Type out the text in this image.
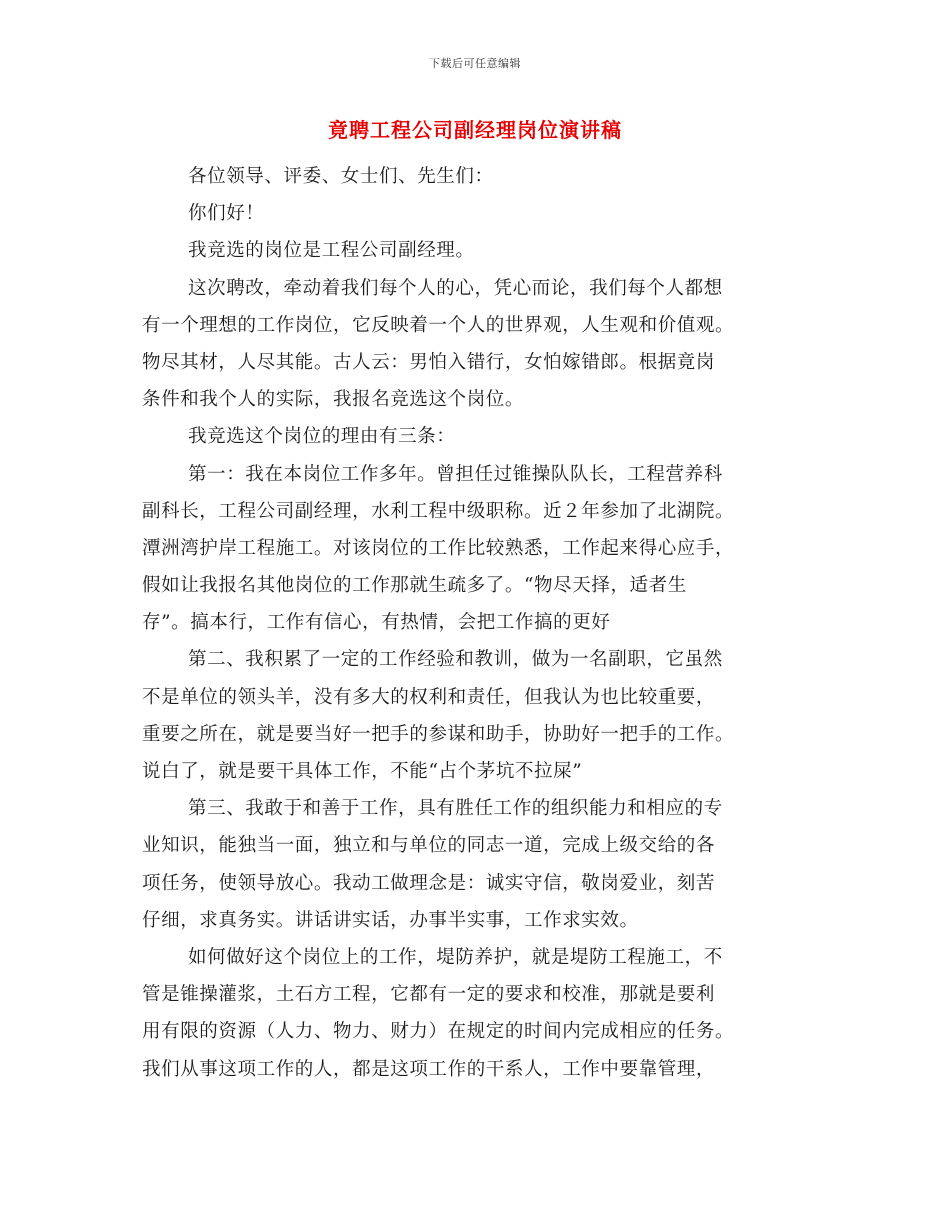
下载后可任意编辑
竟聘工程公司副经理岗位演讲稿
各位领导、评委、女士们、先生们：
你们好！
我竞选的岗位是工程公司副经理。
这次聘改，牵动着我们每个人的心，凭心而论，我们每个人都想
有一个理想的工作岗位，它反映着一个人的世界观，人生观和价值观。
物尽其材，人尽其能。古人云：男怕入错行，女怕嫁错郎。根据竟岗
条件和我个人的实际，我报名竞选这个岗位。
我竞选这个岗位的理由有三条：
第一：我在本岗位工作多年。曾担任过锥操队队长，工程营养科
副科长，工程公司副经理，水利工程中级职称。近２年参加了北湖院。
潭洲湾护岸工程施工。对该岗位的工作比较熟悉，工作起来得心应手，
假如让我报名其他岗位的工作那就生疏多了。“物尽天择，适者生
存”。搞本行，工作有信心，有热情，会把工作搞的更好
第二、我积累了一定的工作经验和教训，做为一名副职，它虽然
不是单位的领头羊，没有多大的权利和责任，但我认为也比较重要，
重要之所在，就是要当好一把手的参谋和助手，协助好一把手的工作。
说白了，就是要干具体工作，不能“占个茅坑不拉屎”
第三、我敢于和善于工作，具有胜任工作的组织能力和相应的专
业知识，能独当一面，独立和与单位的同志一道，完成上级交给的各
项任务，使领导放心。我动工做理念是：诚实守信，敬岗爱业，刻苦
仔细，求真务实。讲话讲实话，办事半实事，工作求实效。
如何做好这个岗位上的工作，堤防养护，就是堤防工程施工，不
管是锥操灌浆，土石方工程，它都有一定的要求和校准，那就是要利
用有限的资源（人力、物力、财力）在规定的时间内完成相应的任务。
我们从事这项工作的人，都是这项工作的干系人，工作中要靠管理，
